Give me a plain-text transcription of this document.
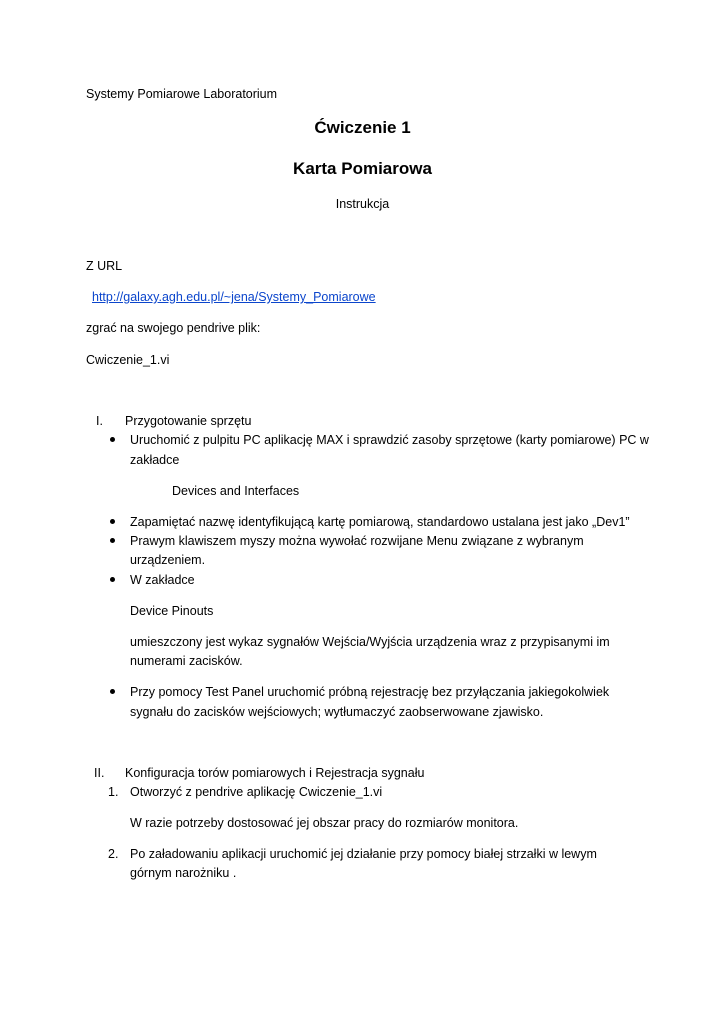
Systemy Pomiarowe Laboratorium
Ćwiczenie 1
Karta Pomiarowa
Instrukcja
Z URL
http://galaxy.agh.edu.pl/~jena/Systemy_Pomiarowe
zgrać na swojego pendrive plik:
Cwiczenie_1.vi
I. Przygotowanie sprzętu
Uruchomić z pulpitu PC aplikację MAX i sprawdzić zasoby sprzętowe (karty pomiarowe) PC w
zakładce
Devices and Interfaces
Zapamiętać nazwę identyfikującą kartę pomiarową, standardowo ustalana jest jako „Dev1”
Prawym klawiszem myszy można wywołać rozwijane Menu związane z wybranym
urządzeniem.
W zakładce
Device Pinouts
umieszczony jest wykaz sygnałów Wejścia/Wyjścia urządzenia wraz z przypisanymi im
numerami zacisków.
Przy pomocy Test Panel uruchomić próbną rejestrację bez przyłączania jakiegokolwiek
sygnału do zacisków wejściowych; wytłumaczyć zaobserwowane zjawisko.
II. Konfiguracja torów pomiarowych i Rejestracja sygnału
1. Otworzyć z pendrive aplikację Cwiczenie_1.vi
W razie potrzeby dostosować jej obszar pracy do rozmiarów monitora.
2. Po załadowaniu aplikacji uruchomić jej działanie przy pomocy białej strzałki w lewym
górnym narożniku .
